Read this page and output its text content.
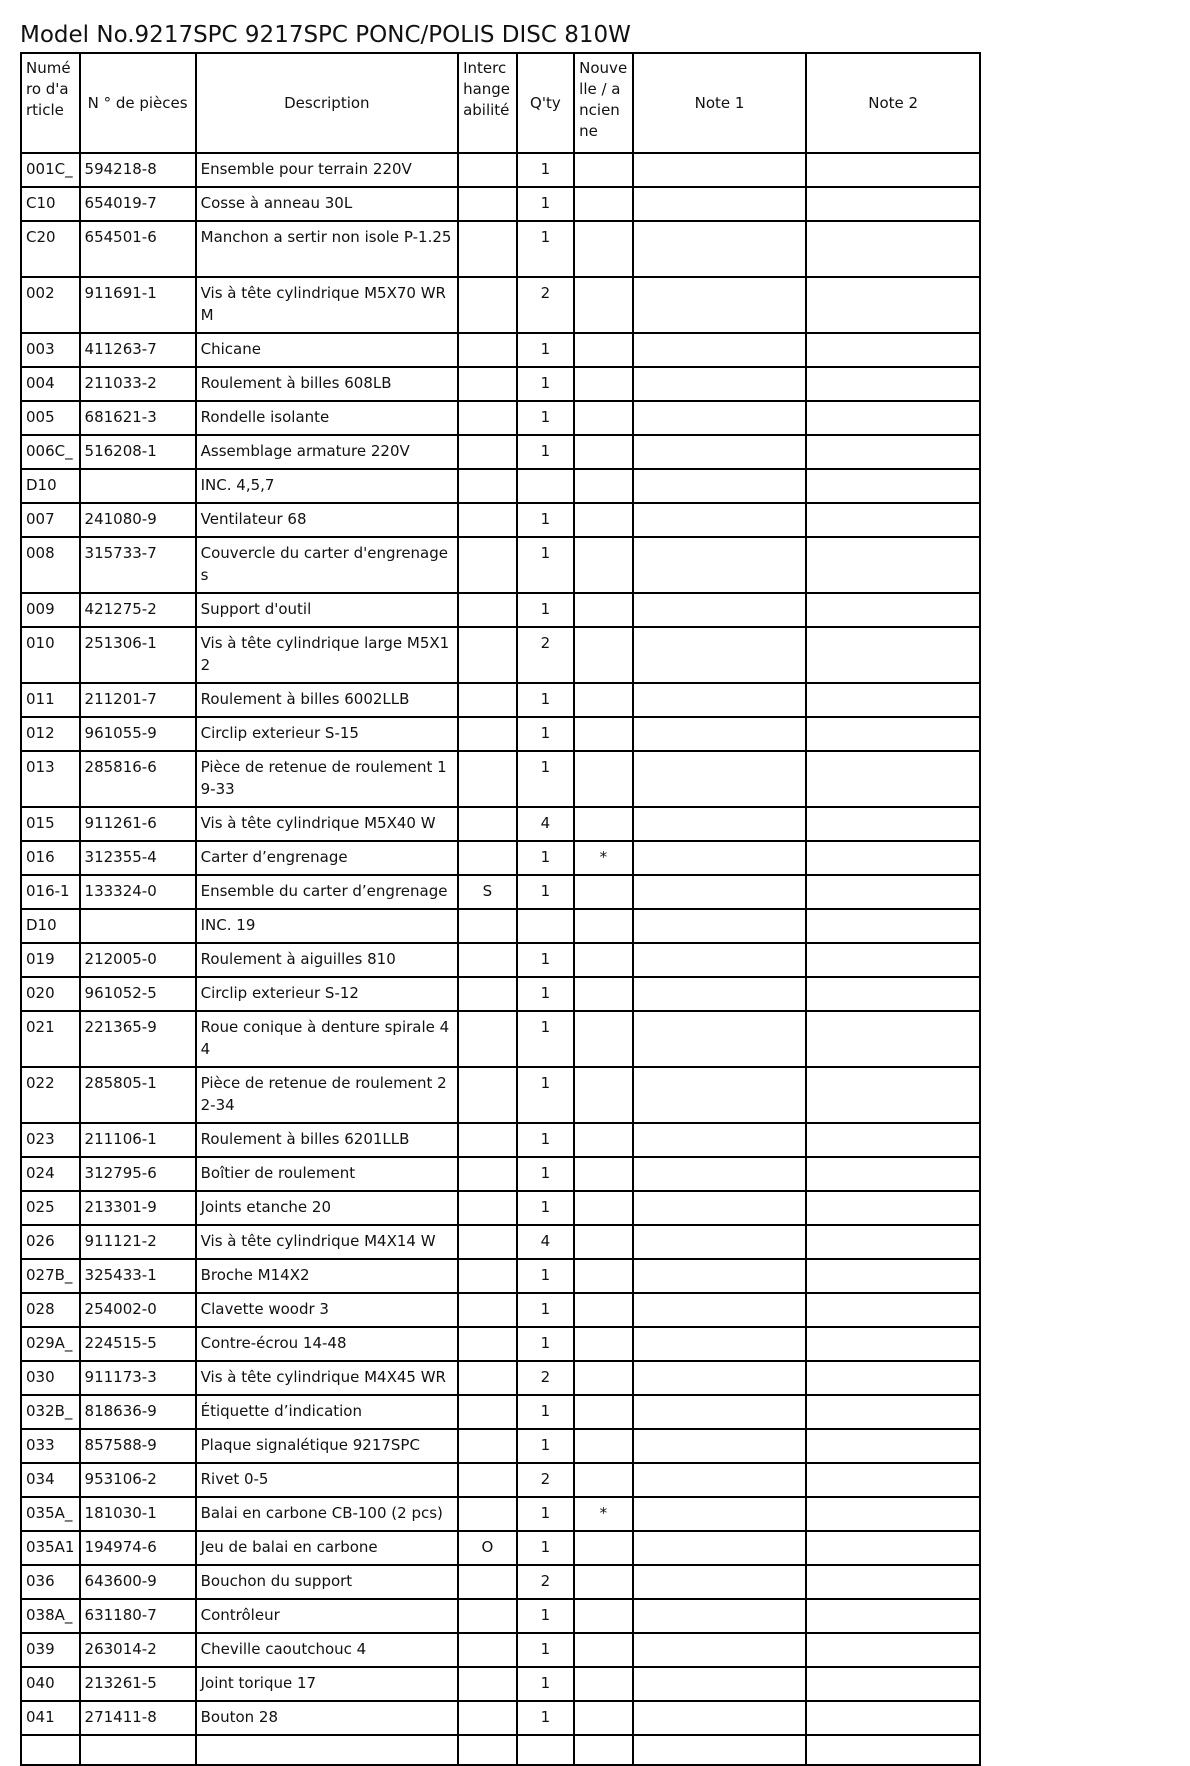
Model No.9217SPC 9217SPC PONC/POLIS DISC 810W
Numéro d'article	N ° de pièces	Description	Interchangeabilité	Q'ty	Nouvelle / ancienne	Note 1	Note 2
001C_	594218-8	Ensemble pour terrain 220V		1			
C10	654019-7	Cosse à anneau 30L		1			
C20	654501-6	Manchon a sertir non isole P-1.25		1			
002	911691-1	Vis à tête cylindrique M5X70 WRM		2			
003	411263-7	Chicane		1			
004	211033-2	Roulement à billes 608LB		1			
005	681621-3	Rondelle isolante		1			
006C_	516208-1	Assemblage armature 220V		1			
D10		INC. 4,5,7					
007	241080-9	Ventilateur 68		1			
008	315733-7	Couvercle du carter d'engrenages		1			
009	421275-2	Support d'outil		1			
010	251306-1	Vis à tête cylindrique large M5X12		2			
011	211201-7	Roulement à billes 6002LLB		1			
012	961055-9	Circlip exterieur S-15		1			
013	285816-6	Pièce de retenue de roulement 19-33		1			
015	911261-6	Vis à tête cylindrique M5X40 W		4			
016	312355-4	Carter d’engrenage		1	*		
016-1	133324-0	Ensemble du carter d’engrenage	S	1			
D10		INC. 19					
019	212005-0	Roulement à aiguilles 810		1			
020	961052-5	Circlip exterieur S-12		1			
021	221365-9	Roue conique à denture spirale 44		1			
022	285805-1	Pièce de retenue de roulement 22-34		1			
023	211106-1	Roulement à billes 6201LLB		1			
024	312795-6	Boîtier de roulement		1			
025	213301-9	Joints etanche 20		1			
026	911121-2	Vis à tête cylindrique M4X14 W		4			
027B_	325433-1	Broche M14X2		1			
028	254002-0	Clavette woodr 3		1			
029A_	224515-5	Contre-écrou 14-48		1			
030	911173-3	Vis à tête cylindrique M4X45 WR		2			
032B_	818636-9	Étiquette d’indication		1			
033	857588-9	Plaque signalétique 9217SPC		1			
034	953106-2	Rivet 0-5		2			
035A_	181030-1	Balai en carbone CB-100 (2 pcs)		1	*		
035A1	194974-6	Jeu de balai en carbone	O	1			
036	643600-9	Bouchon du support		2			
038A_	631180-7	Contrôleur		1			
039	263014-2	Cheville caoutchouc 4		1			
040	213261-5	Joint torique 17		1			
041	271411-8	Bouton 28		1			
